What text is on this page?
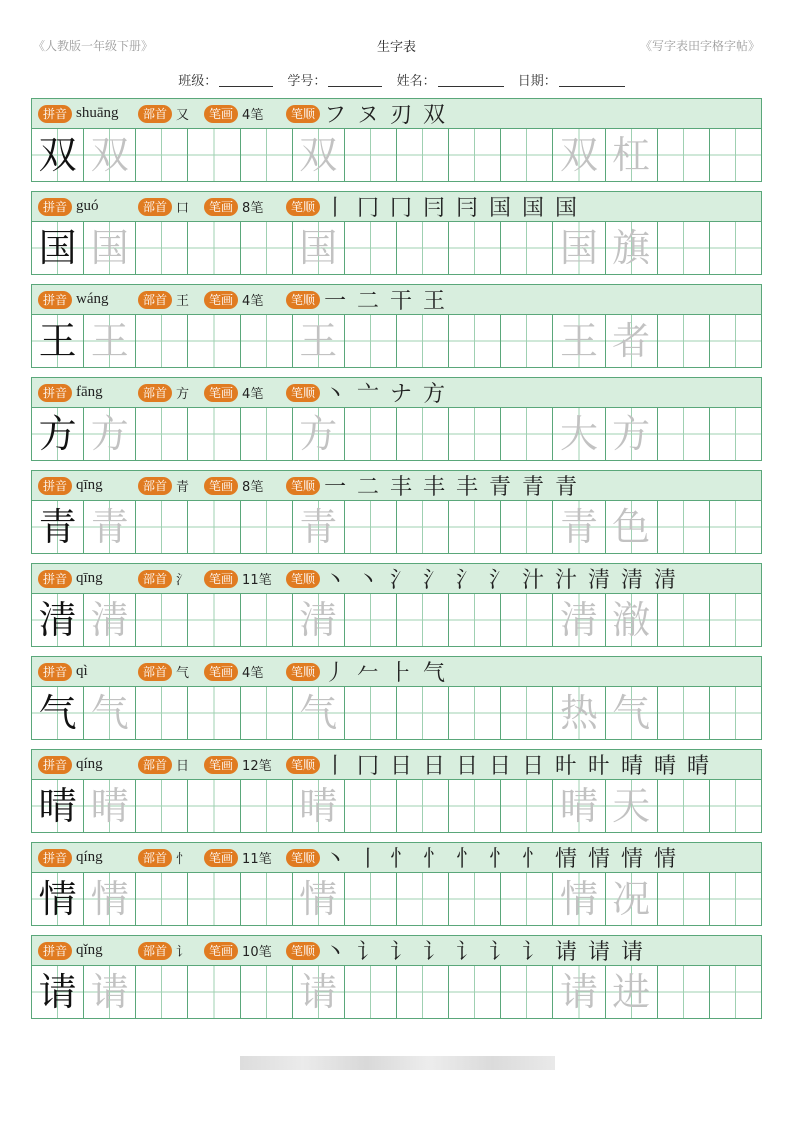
《人教版一年级下册》	生字表	《写字表田字格字帖》
班级：	学号：	姓名：	日期：
拼音 shuāng	部首 又	笔画 4笔	笔顺 フ ヌ 刃 双
双 双	双	双 杠
拼音 guó	部首 口	笔画 8笔	笔顺 丨 冂 冂 冃 冃 国 国 国
国 国	国	国 旗
拼音 wáng	部首 王	笔画 4笔	笔顺 一 二 干 王
王 王	王	王 者
拼音 fāng	部首 方	笔画 4笔	笔顺 丶 亠 ナ 方
方 方	方	大 方
拼音 qīng	部首 青	笔画 8笔	笔顺 一 二 丰 丰 丰 青 青 青
青 青	青	青 色
拼音 qīng	部首 氵	笔画 11笔	笔顺 丶 丶 氵 氵 氵 氵 汁 汁 清 清 清
清 清	清	清 澈
拼音 qì	部首 气	笔画 4笔	笔顺 丿 𠂉 ⺊ 气
气 气	气	热 气
拼音 qíng	部首 日	笔画 12笔	笔顺 丨 冂 日 日 日 日 日 旪 旪 晴 晴 晴
晴 晴	晴	晴 天
拼音 qíng	部首 忄	笔画 11笔	笔顺 丶 丨 忄 忄 忄 忄 忄 情 情 情 情
情 情	情	情 况
拼音 qǐng	部首 讠	笔画 10笔	笔顺 丶 讠 讠 讠 讠 讠 讠 请 请 请
请 请	请	请 进
